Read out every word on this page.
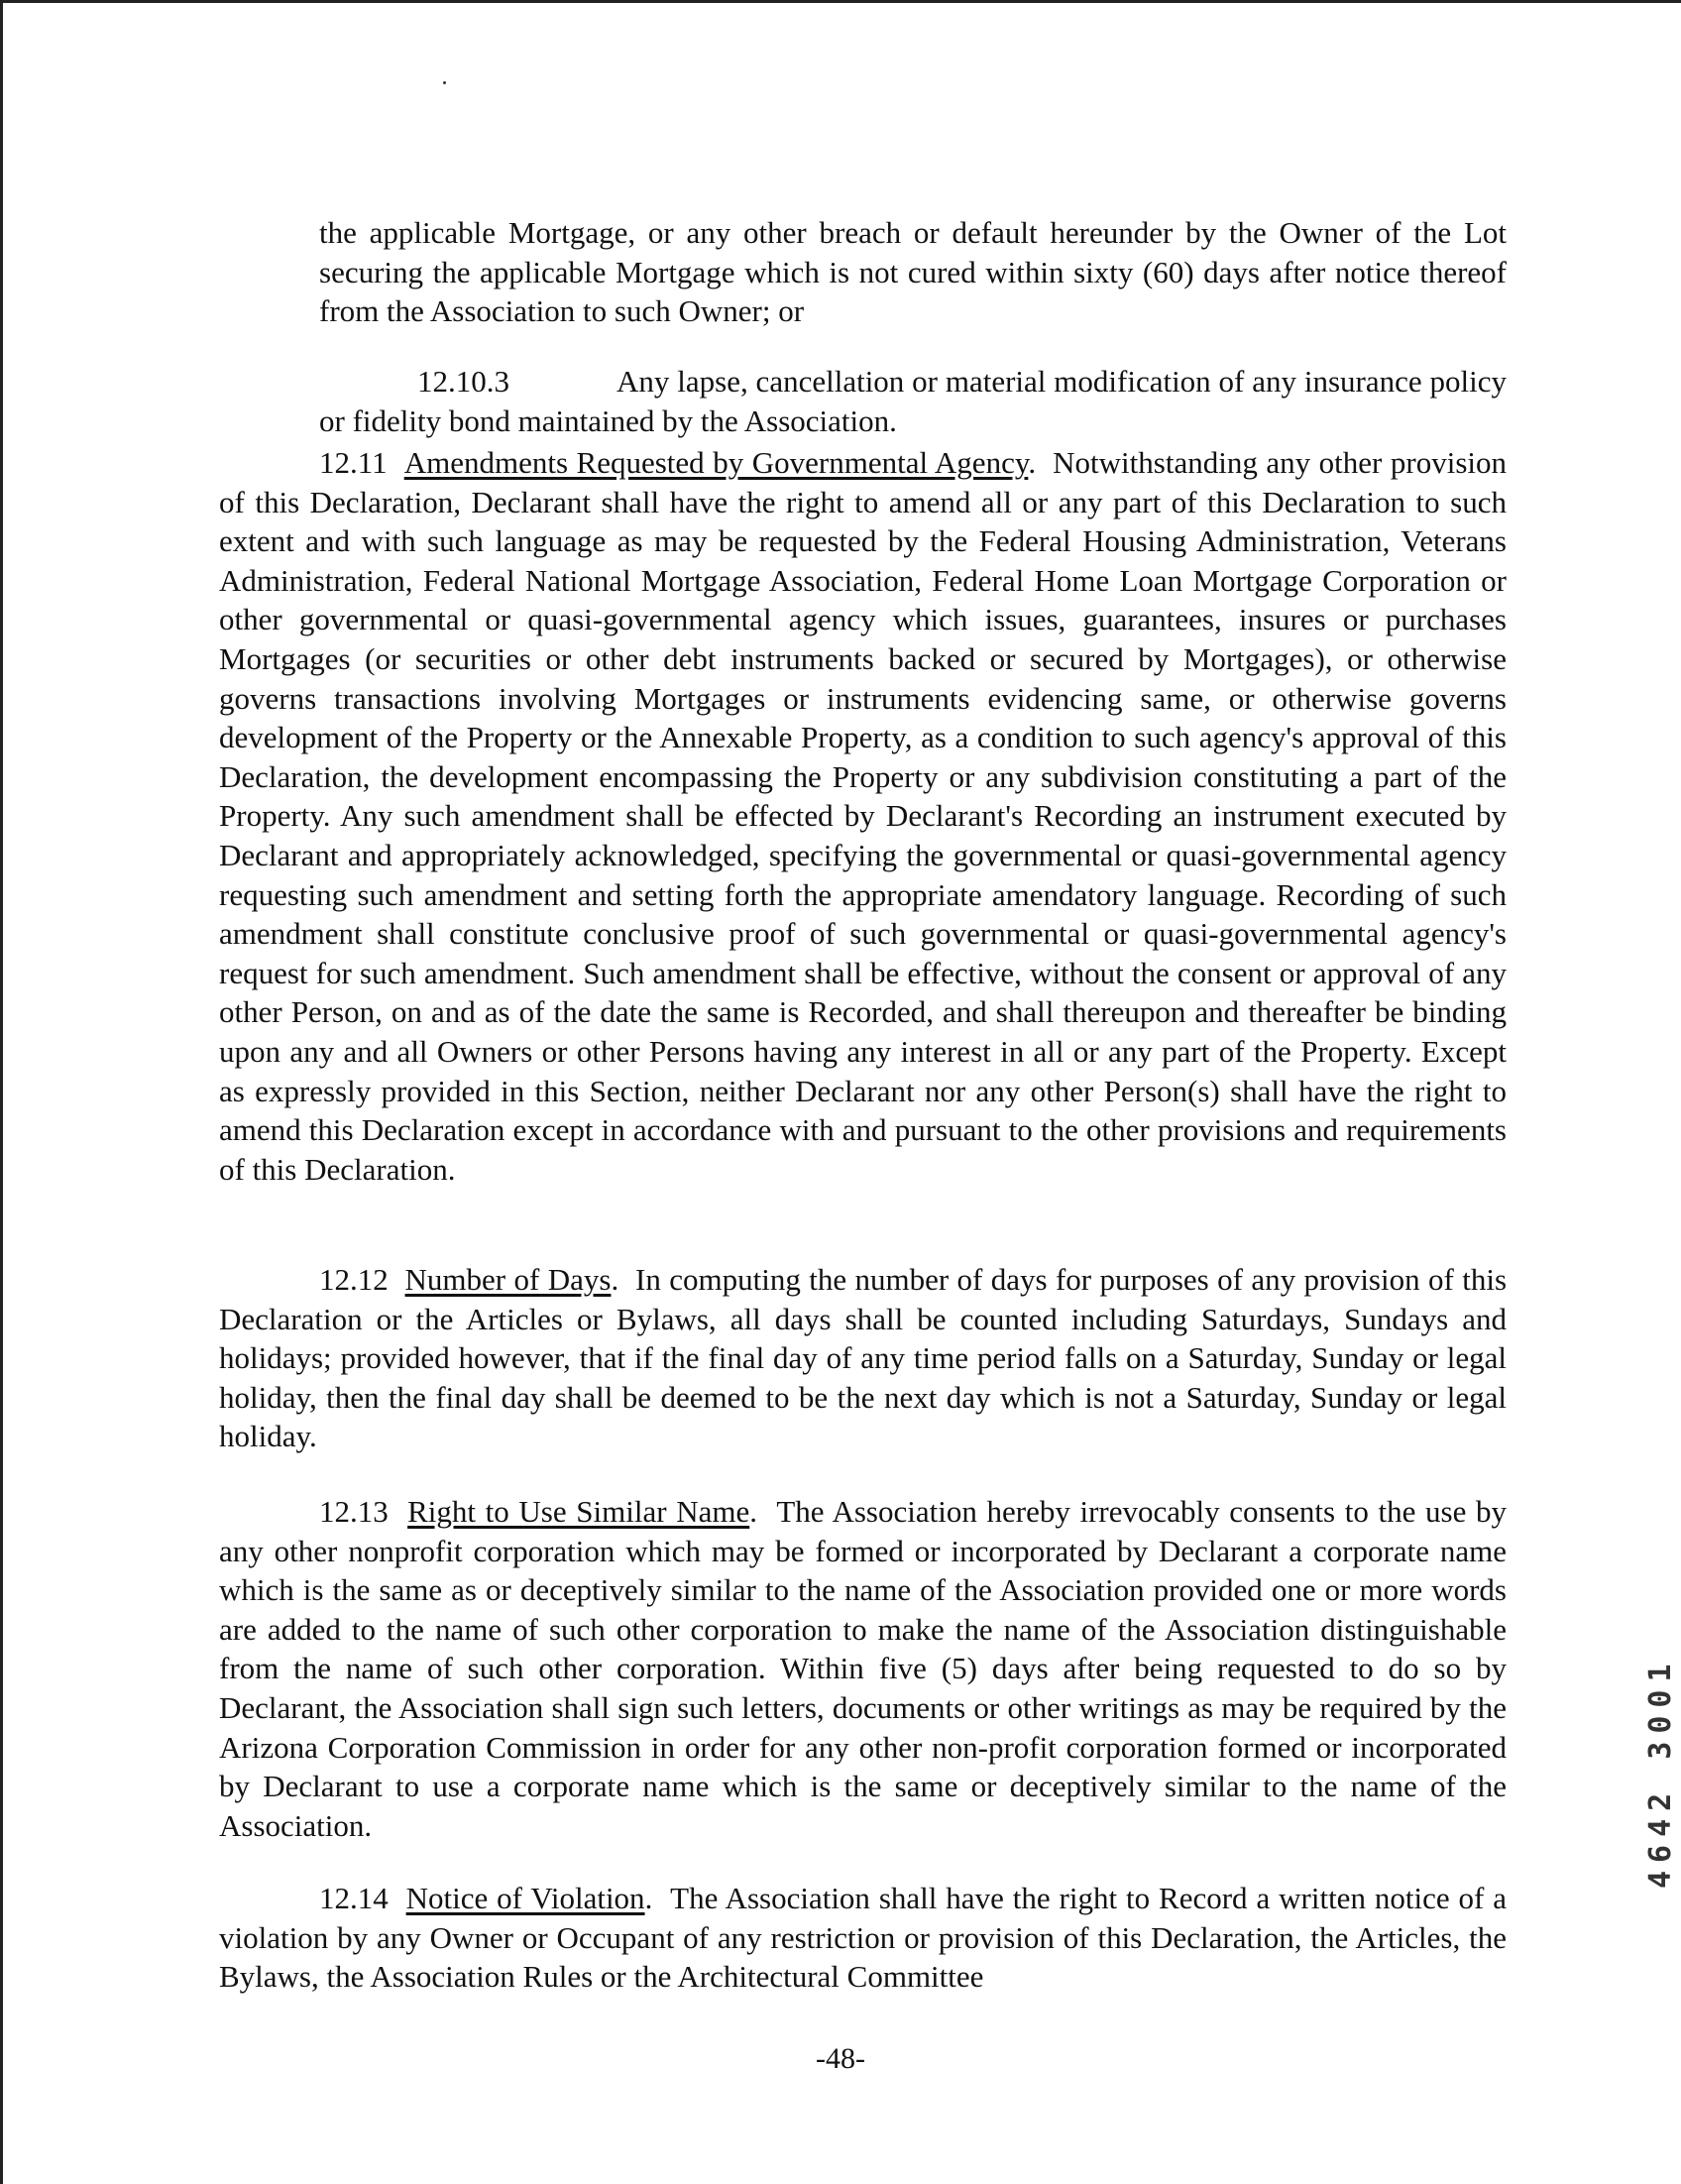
the applicable Mortgage, or any other breach or default hereunder by the Owner of the Lot securing the applicable Mortgage which is not cured within sixty (60) days after notice thereof from the Association to such Owner; or

12.10.3	Any lapse, cancellation or material modification of any insurance policy or fidelity bond maintained by the Association.

12.11 Amendments Requested by Governmental Agency.  Notwithstanding any other provision of this Declaration, Declarant shall have the right to amend all or any part of this Declaration to such extent and with such language as may be requested by the Federal Housing Administration, Veterans Administration, Federal National Mortgage Association, Federal Home Loan Mortgage Corporation or other governmental or quasi-governmental agency which issues, guarantees, insures or purchases Mortgages (or securities or other debt instruments backed or secured by Mortgages), or otherwise governs transactions involving Mortgages or instruments evidencing same, or otherwise governs development of the Property or the Annexable Property, as a condition to such agency's approval of this Declaration, the development encompassing the Property or any subdivision constituting a part of the Property. Any such amendment shall be effected by Declarant's Recording an instrument executed by Declarant and appropriately acknowledged, specifying the governmental or quasi-governmental agency requesting such amendment and setting forth the appropriate amendatory language. Recording of such amendment shall constitute conclusive proof of such governmental or quasi-governmental agency's request for such amendment. Such amendment shall be effective, without the consent or approval of any other Person, on and as of the date the same is Recorded, and shall thereupon and thereafter be binding upon any and all Owners or other Persons having any interest in all or any part of the Property. Except as expressly provided in this Section, neither Declarant nor any other Person(s) shall have the right to amend this Declaration except in accordance with and pursuant to the other provisions and requirements of this Declaration.

12.12 Number of Days.  In computing the number of days for purposes of any provision of this Declaration or the Articles or Bylaws, all days shall be counted including Saturdays, Sundays and holidays; provided however, that if the final day of any time period falls on a Saturday, Sunday or legal holiday, then the final day shall be deemed to be the next day which is not a Saturday, Sunday or legal holiday.

12.13 Right to Use Similar Name.  The Association hereby irrevocably consents to the use by any other nonprofit corporation which may be formed or incorporated by Declarant a corporate name which is the same as or deceptively similar to the name of the Association provided one or more words are added to the name of such other corporation to make the name of the Association distinguishable from the name of such other corporation. Within five (5) days after being requested to do so by Declarant, the Association shall sign such letters, documents or other writings as may be required by the Arizona Corporation Commission in order for any other non-profit corporation formed or incorporated by Declarant to use a corporate name which is the same or deceptively similar to the name of the Association.

12.14 Notice of Violation.  The Association shall have the right to Record a written notice of a violation by any Owner or Occupant of any restriction or provision of this Declaration, the Articles, the Bylaws, the Association Rules or the Architectural Committee

-48-
4642 3001
